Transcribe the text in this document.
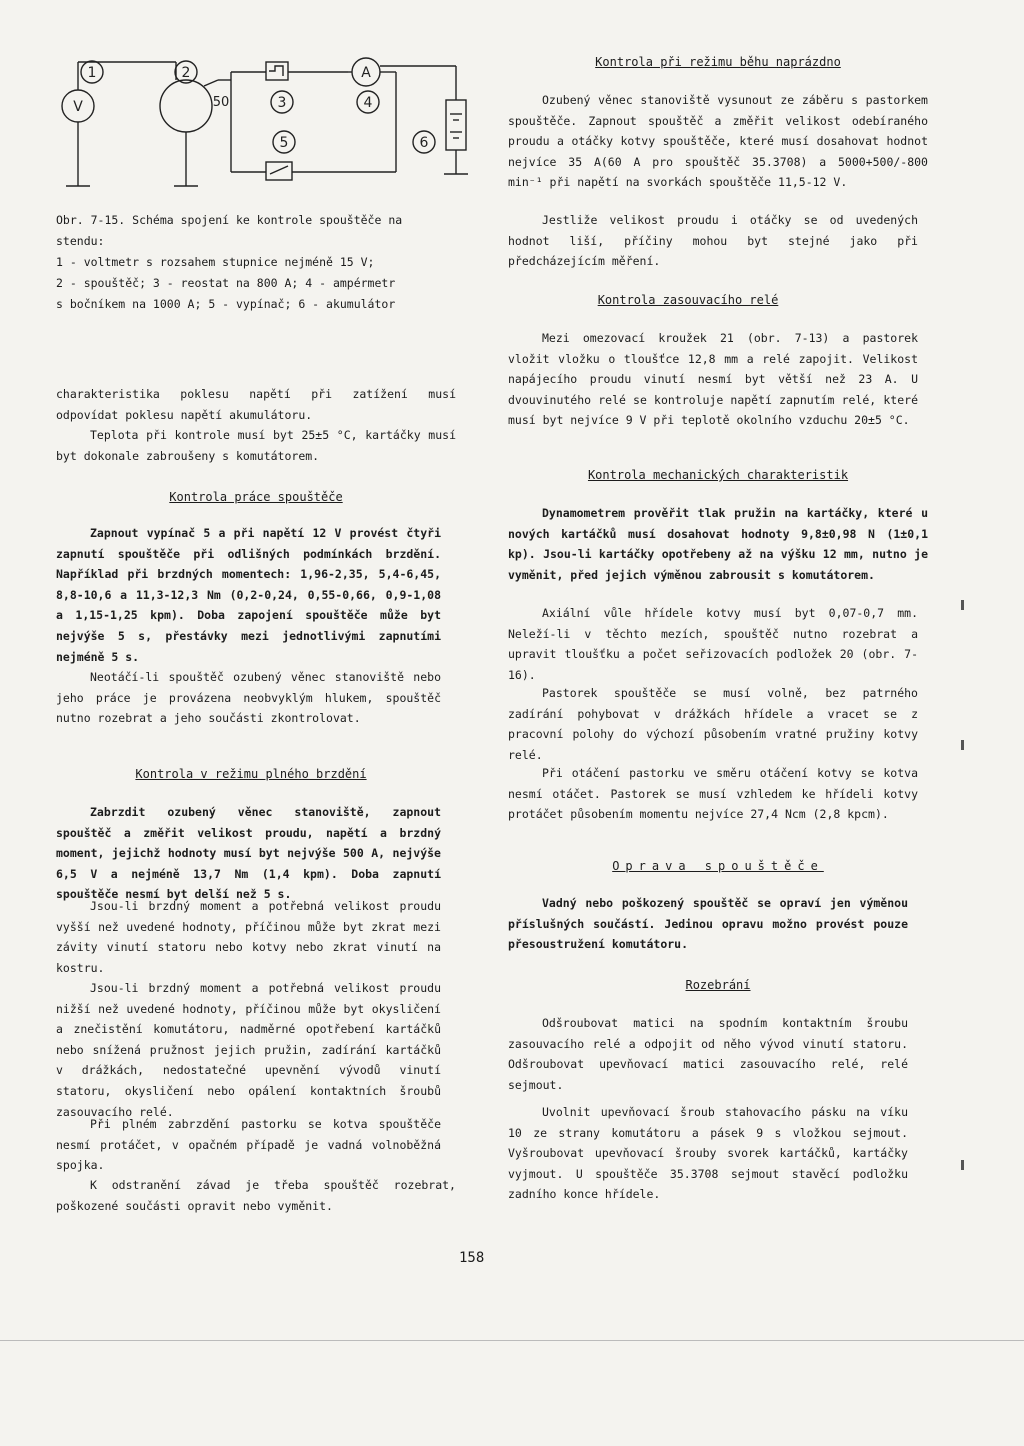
1	2
3	4
5	6
V
A
50

Obr. 7-15. Schéma spojení ke kontrole spouštěče na

stendu:

1 - voltmetr s rozsahem stupnice nejméně 15 V;

2 - spouštěč; 3 - reostat na 800 A; 4 - ampérmetr

s bočníkem na 1000 A; 5 - vypínač; 6 - akumulátor

charakteristika poklesu napětí při zatížení musí odpovídat poklesu napětí akumulátoru.

Teplota při kontrole musí byt 25±5 °C, kartáčky musí byt dokonale zabroušeny s komutátorem.

Kontrola práce spouštěče

Zapnout vypínač 5 a při napětí 12 V provést čtyři zapnutí spouštěče při odlišných podmínkách brzdění. Například při brzdných momentech: 1,96-2,35, 5,4-6,45, 8,8-10,6 a 11,3-12,3 Nm (0,2-0,24, 0,55-0,66, 0,9-1,08 a 1,15-1,25 kpm). Doba zapojení spouštěče může byt nejvýše 5 s, přestávky mezi jednotlivými zapnutími nejméně 5 s.

Neotáčí-li spouštěč ozubený věnec stanoviště nebo jeho práce je provázena neobvyklým hlukem, spouštěč nutno rozebrat a jeho součásti zkontrolovat.

Kontrola v režimu plného brzdění

Zabrzdit ozubený věnec stanoviště, zapnout spouštěč a změřit velikost proudu, napětí a brzdný moment, jejichž hodnoty musí byt nejvýše 500 A, nejvýše 6,5 V a nejméně 13,7 Nm (1,4 kpm). Doba zapnutí spouštěče nesmí byt delší než 5 s.

Jsou-li brzdný moment a potřebná velikost proudu vyšší než uvedené hodnoty, příčinou může byt zkrat mezi závity vinutí statoru nebo kotvy nebo zkrat vinutí na kostru.

Jsou-li brzdný moment a potřebná velikost proudu nižší než uvedené hodnoty, příčinou může byt okysličení a znečistění komutátoru, nadměrné opotřebení kartáčků nebo snížená pružnost jejich pružin, zadírání kartáčků v drážkách, nedostatečné upevnění vývodů vinutí statoru, okysličení nebo opálení kontaktních šroubů zasouvacího relé.

Při plném zabrzdění pastorku se kotva spouštěče nesmí protáčet, v opačném případě je vadná volnoběžná spojka.

K odstranění závad je třeba spouštěč rozebrat, poškozené součásti opravit nebo vyměnit.

Kontrola při režimu běhu naprázdno

Ozubený věnec stanoviště vysunout ze záběru s pastorkem spouštěče. Zapnout spouštěč a změřit velikost odebíraného proudu a otáčky kotvy spouštěče, které musí dosahovat hodnot nejvíce 35 A(60 A pro spouštěč 35.3708) a 5000+500/-800 min⁻¹ při napětí na svorkách spouštěče 11,5-12 V.

Jestliže velikost proudu i otáčky se od uvedených hodnot liší, příčiny mohou byt stejné jako při předcházejícím měření.

Kontrola zasouvacího relé

Mezi omezovací kroužek 21 (obr. 7-13) a pastorek vložit vložku o tloušťce 12,8 mm a relé zapojit. Velikost napájecího proudu vinutí nesmí byt větší než 23 A. U dvouvinutého relé se kontroluje napětí zapnutím relé, které musí byt nejvíce 9 V při teplotě okolního vzduchu 20±5 °C.

Kontrola mechanických charakteristik

Dynamometrem prověřit tlak pružin na kartáčky, které u nových kartáčků musí dosahovat hodnoty 9,8±0,98 N (1±0,1 kp). Jsou-li kartáčky opotřebeny až na výšku 12 mm, nutno je vyměnit, před jejich výměnou zabrousit s komutátorem.

Axiální vůle hřídele kotvy musí byt 0,07-0,7 mm. Neleží-li v těchto mezích, spouštěč nutno rozebrat a upravit tloušťku a počet seřizovacích podložek 20 (obr. 7-16).

Pastorek spouštěče se musí volně, bez patrného zadírání pohybovat v drážkách hřídele a vracet se z pracovní polohy do výchozí působením vratné pružiny kotvy relé.

Při otáčení pastorku ve směru otáčení kotvy se kotva nesmí otáčet. Pastorek se musí vzhledem ke hřídeli kotvy protáčet působením momentu nejvíce 27,4 Ncm (2,8 kpcm).

Oprava spouštěče

Vadný nebo poškozený spouštěč se opraví jen výměnou příslušných součástí. Jedinou opravu možno provést pouze přesoustružení komutátoru.

Rozebrání

Odšroubovat matici na spodním kontaktním šroubu zasouvacího relé a odpojit od něho vývod vinutí statoru. Odšroubovat upevňovací matici zasouvacího relé, relé sejmout.

Uvolnit upevňovací šroub stahovacího pásku na víku 10 ze strany komutátoru a pásek 9 s vložkou sejmout. Vyšroubovat upevňovací šrouby svorek kartáčků, kartáčky vyjmout. U spouštěče 35.3708 sejmout stavěcí podložku zadního konce hřídele.

158
